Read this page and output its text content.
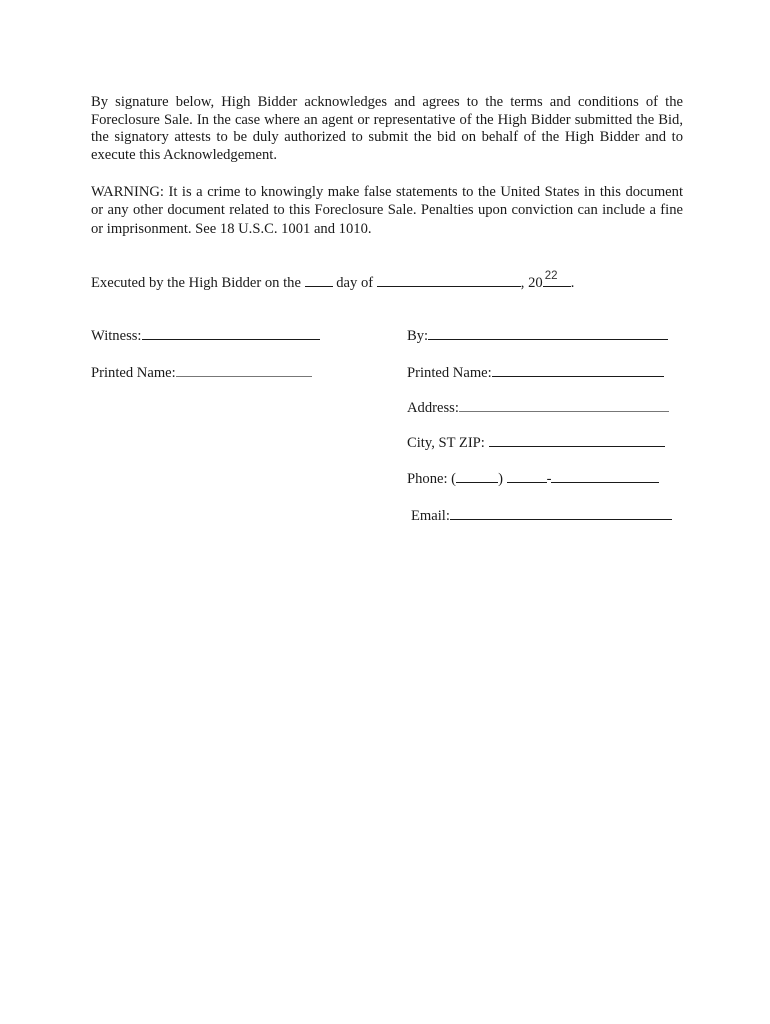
By signature below, High Bidder acknowledges and agrees to the terms and conditions of the Foreclosure Sale. In the case where an agent or representative of the High Bidder submitted the Bid, the signatory attests to be duly authorized to submit the bid on behalf of the High Bidder and to execute this Acknowledgement.

WARNING: It is a crime to knowingly make false statements to the United States in this document or any other document related to this Foreclosure Sale. Penalties upon conviction can include a fine or imprisonment. See 18 U.S.C. 1001 and 1010.

Executed by the High Bidder on the day of	, 20 22 .
Witness:
Printed Name:
By:
Printed Name:
Address:
City, ST ZIP:
Phone: (	)	-
Email:
